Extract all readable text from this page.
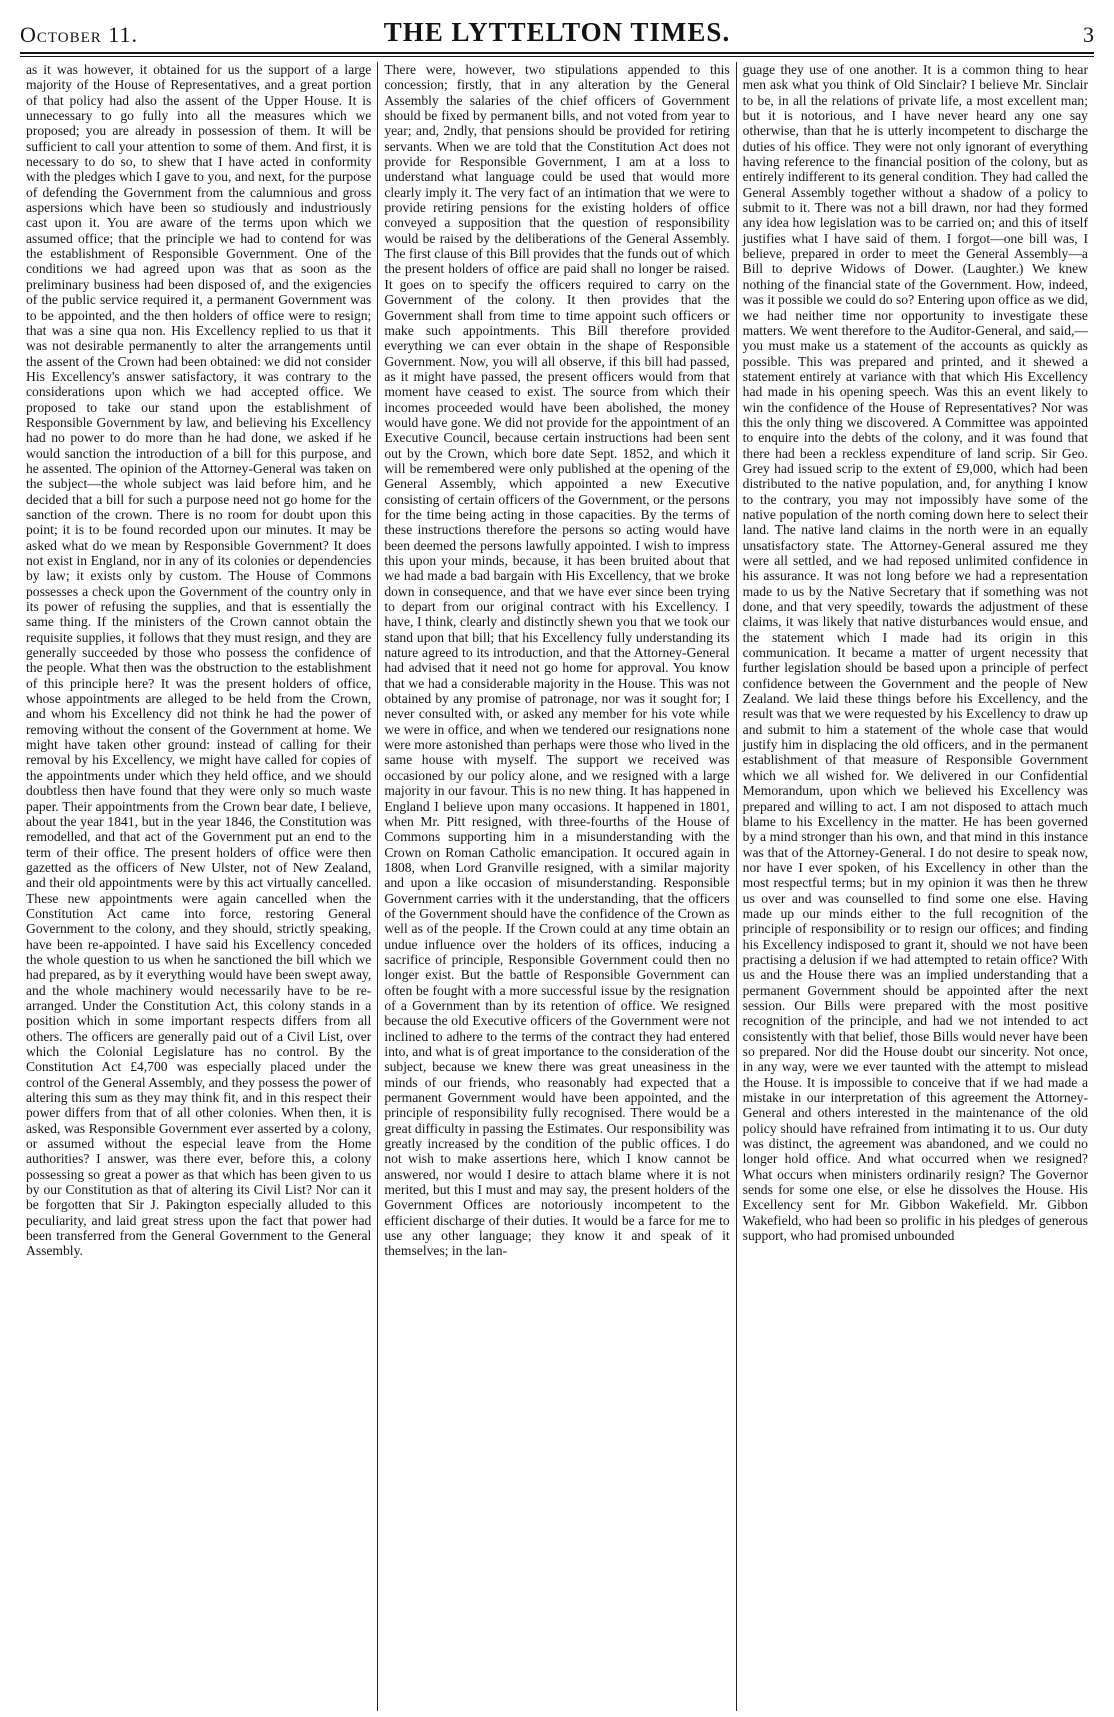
October 11.	THE LYTTELTON TIMES.	3

as it was however, it obtained for us the support of a large majority of the House of Representatives, and a great portion of that policy had also the assent of the Upper House. It is unnecessary to go fully into all the measures which we proposed; you are already in possession of them. It will be sufficient to call your attention to some of them. And first, it is necessary to do so, to shew that I have acted in conformity with the pledges which I gave to you, and next, for the purpose of defending the Government from the calumnious and gross aspersions which have been so studiously and industriously cast upon it. You are aware of the terms upon which we assumed office; that the principle we had to contend for was the establishment of Responsible Government. One of the conditions we had agreed upon was that as soon as the preliminary business had been disposed of, and the exigencies of the public service required it, a permanent Government was to be appointed, and the then holders of office were to resign; that was a sine qua non. His Excellency replied to us that it was not desirable permanently to alter the arrangements until the assent of the Crown had been obtained: we did not consider His Excellency's answer satisfactory, it was contrary to the considerations upon which we had accepted office. We proposed to take our stand upon the establishment of Responsible Government by law, and believing his Excellency had no power to do more than he had done, we asked if he would sanction the introduction of a bill for this purpose, and he assented. The opinion of the Attorney-General was taken on the subject—the whole subject was laid before him, and he decided that a bill for such a purpose need not go home for the sanction of the crown. There is no room for doubt upon this point; it is to be found recorded upon our minutes. It may be asked what do we mean by Responsible Government? It does not exist in England, nor in any of its colonies or dependencies by law; it exists only by custom. The House of Commons possesses a check upon the Government of the country only in its power of refusing the supplies, and that is essentially the same thing. If the ministers of the Crown cannot obtain the requisite supplies, it follows that they must resign, and they are generally succeeded by those who possess the confidence of the people. What then was the obstruction to the establishment of this principle here? It was the present holders of office, whose appointments are alleged to be held from the Crown, and whom his Excellency did not think he had the power of removing without the consent of the Government at home. We might have taken other ground: instead of calling for their removal by his Excellency, we might have called for copies of the appointments under which they held office, and we should doubtless then have found that they were only so much waste paper. Their appointments from the Crown bear date, I believe, about the year 1841, but in the year 1846, the Constitution was remodelled, and that act of the Government put an end to the term of their office. The present holders of office were then gazetted as the officers of New Ulster, not of New Zealand, and their old appointments were by this act virtually cancelled. These new appointments were again cancelled when the Constitution Act came into force, restoring General Government to the colony, and they should, strictly speaking, have been re-appointed. I have said his Excellency conceded the whole question to us when he sanctioned the bill which we had prepared, as by it everything would have been swept away, and the whole machinery would necessarily have to be re-arranged. Under the Constitution Act, this colony stands in a position which in some important respects differs from all others. The officers are generally paid out of a Civil List, over which the Colonial Legislature has no control. By the Constitution Act £4,700 was especially placed under the control of the General Assembly, and they possess the power of altering this sum as they may think fit, and in this respect their power differs from that of all other colonies. When then, it is asked, was Responsible Government ever asserted by a colony, or assumed without the especial leave from the Home authorities? I answer, was there ever, before this, a colony possessing so great a power as that which has been given to us by our Constitution as that of altering its Civil List? Nor can it be forgotten that Sir J. Pakington especially alluded to this peculiarity, and laid great stress upon the fact that power had been transferred from the General Government to the General Assembly.

There were, however, two stipulations appended to this concession; firstly, that in any alteration by the General Assembly the salaries of the chief officers of Government should be fixed by permanent bills, and not voted from year to year; and, 2ndly, that pensions should be provided for retiring servants. When we are told that the Constitution Act does not provide for Responsible Government, I am at a loss to understand what language could be used that would more clearly imply it. The very fact of an intimation that we were to provide retiring pensions for the existing holders of office conveyed a supposition that the question of responsibility would be raised by the deliberations of the General Assembly. The first clause of this Bill provides that the funds out of which the present holders of office are paid shall no longer be raised. It goes on to specify the officers required to carry on the Government of the colony. It then provides that the Government shall from time to time appoint such officers or make such appointments. This Bill therefore provided everything we can ever obtain in the shape of Responsible Government. Now, you will all observe, if this bill had passed, as it might have passed, the present officers would from that moment have ceased to exist. The source from which their incomes proceeded would have been abolished, the money would have gone. We did not provide for the appointment of an Executive Council, because certain instructions had been sent out by the Crown, which bore date Sept. 1852, and which it will be remembered were only published at the opening of the General Assembly, which appointed a new Executive consisting of certain officers of the Government, or the persons for the time being acting in those capacities. By the terms of these instructions therefore the persons so acting would have been deemed the persons lawfully appointed. I wish to impress this upon your minds, because, it has been bruited about that we had made a bad bargain with His Excellency, that we broke down in consequence, and that we have ever since been trying to depart from our original contract with his Excellency. I have, I think, clearly and distinctly shewn you that we took our stand upon that bill; that his Excellency fully understanding its nature agreed to its introduction, and that the Attorney-General had advised that it need not go home for approval. You know that we had a considerable majority in the House. This was not obtained by any promise of patronage, nor was it sought for; I never consulted with, or asked any member for his vote while we were in office, and when we tendered our resignations none were more astonished than perhaps were those who lived in the same house with myself. The support we received was occasioned by our policy alone, and we resigned with a large majority in our favour. This is no new thing. It has happened in England I believe upon many occasions. It happened in 1801, when Mr. Pitt resigned, with three-fourths of the House of Commons supporting him in a misunderstanding with the Crown on Roman Catholic emancipation. It occured again in 1808, when Lord Granville resigned, with a similar majority and upon a like occasion of misunderstanding. Responsible Government carries with it the understanding, that the officers of the Government should have the confidence of the Crown as well as of the people. If the Crown could at any time obtain an undue influence over the holders of its offices, inducing a sacrifice of principle, Responsible Government could then no longer exist. But the battle of Responsible Government can often be fought with a more successful issue by the resignation of a Government than by its retention of office. We resigned because the old Executive officers of the Government were not inclined to adhere to the terms of the contract they had entered into, and what is of great importance to the consideration of the subject, because we knew there was great uneasiness in the minds of our friends, who reasonably had expected that a permanent Government would have been appointed, and the principle of responsibility fully recognised. There would be a great difficulty in passing the Estimates. Our responsibility was greatly increased by the condition of the public offices. I do not wish to make assertions here, which I know cannot be answered, nor would I desire to attach blame where it is not merited, but this I must and may say, the present holders of the Government Offices are notoriously incompetent to the efficient discharge of their duties. It would be a farce for me to use any other language; they know it and speak of it themselves; in the lan-

guage they use of one another. It is a common thing to hear men ask what you think of Old Sinclair? I believe Mr. Sinclair to be, in all the relations of private life, a most excellent man; but it is notorious, and I have never heard any one say otherwise, than that he is utterly incompetent to discharge the duties of his office. They were not only ignorant of everything having reference to the financial position of the colony, but as entirely indifferent to its general condition. They had called the General Assembly together without a shadow of a policy to submit to it. There was not a bill drawn, nor had they formed any idea how legislation was to be carried on; and this of itself justifies what I have said of them. I forgot—one bill was, I believe, prepared in order to meet the General Assembly—a Bill to deprive Widows of Dower. (Laughter.) We knew nothing of the financial state of the Government. How, indeed, was it possible we could do so? Entering upon office as we did, we had neither time nor opportunity to investigate these matters. We went therefore to the Auditor-General, and said,—you must make us a statement of the accounts as quickly as possible. This was prepared and printed, and it shewed a statement entirely at variance with that which His Excellency had made in his opening speech. Was this an event likely to win the confidence of the House of Representatives? Nor was this the only thing we discovered. A Committee was appointed to enquire into the debts of the colony, and it was found that there had been a reckless expenditure of land scrip. Sir Geo. Grey had issued scrip to the extent of £9,000, which had been distributed to the native population, and, for anything I know to the contrary, you may not impossibly have some of the native population of the north coming down here to select their land. The native land claims in the north were in an equally unsatisfactory state. The Attorney-General assured me they were all settled, and we had reposed unlimited confidence in his assurance. It was not long before we had a representation made to us by the Native Secretary that if something was not done, and that very speedily, towards the adjustment of these claims, it was likely that native disturbances would ensue, and the statement which I made had its origin in this communication. It became a matter of urgent necessity that further legislation should be based upon a principle of perfect confidence between the Government and the people of New Zealand. We laid these things before his Excellency, and the result was that we were requested by his Excellency to draw up and submit to him a statement of the whole case that would justify him in displacing the old officers, and in the permanent establishment of that measure of Responsible Government which we all wished for. We delivered in our Confidential Memorandum, upon which we believed his Excellency was prepared and willing to act. I am not disposed to attach much blame to his Excellency in the matter. He has been governed by a mind stronger than his own, and that mind in this instance was that of the Attorney-General. I do not desire to speak now, nor have I ever spoken, of his Excellency in other than the most respectful terms; but in my opinion it was then he threw us over and was counselled to find some one else. Having made up our minds either to the full recognition of the principle of responsibility or to resign our offices; and finding his Excellency indisposed to grant it, should we not have been practising a delusion if we had attempted to retain office? With us and the House there was an implied understanding that a permanent Government should be appointed after the next session. Our Bills were prepared with the most positive recognition of the principle, and had we not intended to act consistently with that belief, those Bills would never have been so prepared. Nor did the House doubt our sincerity. Not once, in any way, were we ever taunted with the attempt to mislead the House. It is impossible to conceive that if we had made a mistake in our interpretation of this agreement the Attorney-General and others interested in the maintenance of the old policy should have refrained from intimating it to us. Our duty was distinct, the agreement was abandoned, and we could no longer hold office. And what occurred when we resigned? What occurs when ministers ordinarily resign? The Governor sends for some one else, or else he dissolves the House. His Excellency sent for Mr. Gibbon Wakefield. Mr. Gibbon Wakefield, who had been so prolific in his pledges of generous support, who had promised unbounded
